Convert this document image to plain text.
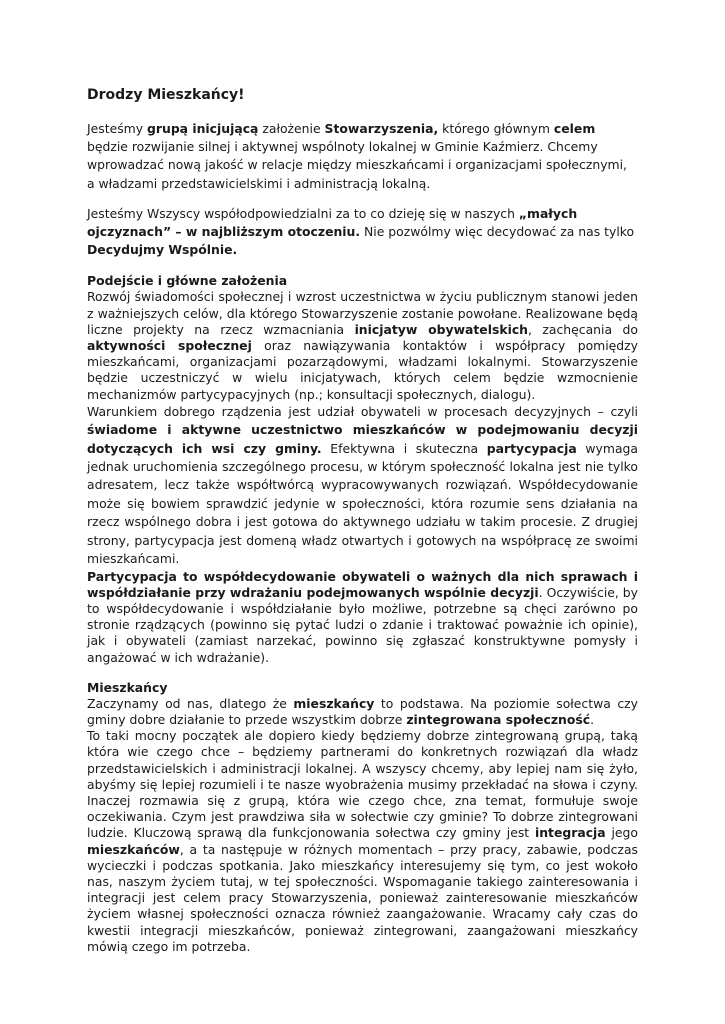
Drodzy Mieszkańcy!

Jesteśmy grupą inicjującą założenie Stowarzyszenia, którego głównym celem będzie rozwijanie silnej i aktywnej wspólnoty lokalnej w Gminie Kaźmierz. Chcemy wprowadzać nową jakość w relacje między mieszkańcami i organizacjami społecznymi, a władzami przedstawicielskimi i administracją lokalną.

Jesteśmy Wszyscy współodpowiedzialni za to co dzieję się w naszych „małych ojczyznach” – w najbliższym otoczeniu. Nie pozwólmy więc decydować za nas tylko Decydujmy Wspólnie.

Podejście i główne założenia

Rozwój świadomości społecznej i wzrost uczestnictwa w życiu publicznym stanowi jeden z ważniejszych celów, dla którego Stowarzyszenie zostanie powołane. Realizowane będą liczne projekty na rzecz wzmacniania inicjatyw obywatelskich, zachęcania do aktywności społecznej oraz nawiązywania kontaktów i współpracy pomiędzy mieszkańcami, organizacjami pozarządowymi, władzami lokalnymi. Stowarzyszenie będzie uczestniczyć w wielu inicjatywach, których celem będzie wzmocnienie mechanizmów partycypacyjnych (np.; konsultacji społecznych, dialogu).

Warunkiem dobrego rządzenia jest udział obywateli w procesach decyzyjnych – czyli świadome i aktywne uczestnictwo mieszkańców w podejmowaniu decyzji dotyczących ich wsi czy gminy. Efektywna i skuteczna partycypacja wymaga jednak uruchomienia szczególnego procesu, w którym społeczność lokalna jest nie tylko adresatem, lecz także współtwórcą wypracowywanych rozwiązań. Współdecydowanie może się bowiem sprawdzić jedynie w społeczności, która rozumie sens działania na rzecz wspólnego dobra i jest gotowa do aktywnego udziału w takim procesie. Z drugiej strony, partycypacja jest domeną władz otwartych i gotowych na współpracę ze swoimi mieszkańcami.

Partycypacja to współdecydowanie obywateli o ważnych dla nich sprawach i współdziałanie przy wdrażaniu podejmowanych wspólnie decyzji. Oczywiście, by to współdecydowanie i współdziałanie było możliwe, potrzebne są chęci zarówno po stronie rządzących (powinno się pytać ludzi o zdanie i traktować poważnie ich opinie), jak i obywateli (zamiast narzekać, powinno się zgłaszać konstruktywne pomysły i angażować w ich wdrażanie).

Mieszkańcy

Zaczynamy od nas, dlatego że mieszkańcy to podstawa. Na poziomie sołectwa czy gminy dobre działanie to przede wszystkim dobrze zintegrowana społeczność.

To taki mocny początek ale dopiero kiedy będziemy dobrze zintegrowaną grupą, taką która wie czego chce – będziemy partnerami do konkretnych rozwiązań dla władz przedstawicielskich i administracji lokalnej. A wszyscy chcemy, aby lepiej nam się żyło, abyśmy się lepiej rozumieli i te nasze wyobrażenia musimy przekładać na słowa i czyny. Inaczej rozmawia się z grupą, która wie czego chce, zna temat, formułuje swoje oczekiwania. Czym jest prawdziwa siła w sołectwie czy gminie? To dobrze zintegrowani ludzie. Kluczową sprawą dla funkcjonowania sołectwa czy gminy jest integracja jego mieszkańców, a ta następuje w różnych momentach – przy pracy, zabawie, podczas wycieczki i podczas spotkania. Jako mieszkańcy interesujemy się tym, co jest wokoło nas, naszym życiem tutaj, w tej społeczności. Wspomaganie takiego zainteresowania i integracji jest celem pracy Stowarzyszenia, ponieważ zainteresowanie mieszkańców życiem własnej społeczności oznacza również zaangażowanie. Wracamy cały czas do kwestii integracji mieszkańców, ponieważ zintegrowani, zaangażowani mieszkańcy mówią czego im potrzeba.
